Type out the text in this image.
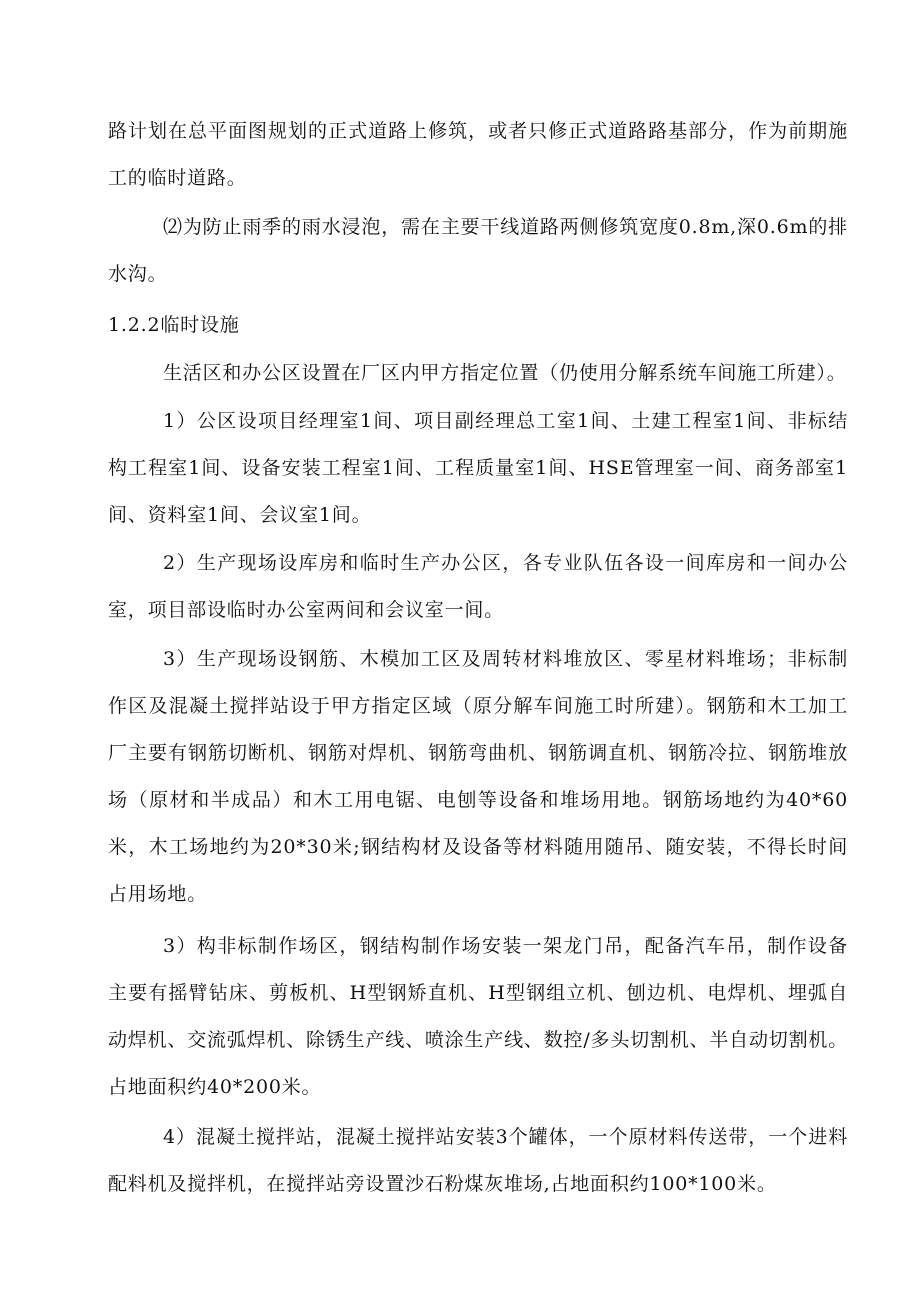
路计划在总平面图规划的正式道路上修筑，或者只修正式道路路基部分，作为前期施工的临时道路。

⑵为防止雨季的雨水浸泡，需在主要干线道路两侧修筑宽度0.8m,深0.6m的排水沟。

1.2.2临时设施

生活区和办公区设置在厂区内甲方指定位置（仍使用分解系统车间施工所建）。

1）公区设项目经理室1间、项目副经理总工室1间、土建工程室1间、非标结构工程室1间、设备安装工程室1间、工程质量室1间、HSE管理室一间、商务部室1间、资料室1间、会议室1间。

2）生产现场设库房和临时生产办公区，各专业队伍各设一间库房和一间办公室，项目部设临时办公室两间和会议室一间。

3）生产现场设钢筋、木模加工区及周转材料堆放区、零星材料堆场；非标制作区及混凝土搅拌站设于甲方指定区域（原分解车间施工时所建）。钢筋和木工加工厂主要有钢筋切断机、钢筋对焊机、钢筋弯曲机、钢筋调直机、钢筋冷拉、钢筋堆放场（原材和半成品）和木工用电锯、电刨等设备和堆场用地。钢筋场地约为40*60米，木工场地约为20*30米;钢结构材及设备等材料随用随吊、随安装，不得长时间占用场地。

3）构非标制作场区，钢结构制作场安装一架龙门吊，配备汽车吊，制作设备主要有摇臂钻床、剪板机、H型钢矫直机、H型钢组立机、刨边机、电焊机、埋弧自动焊机、交流弧焊机、除锈生产线、喷涂生产线、数控/多头切割机、半自动切割机。占地面积约40*200米。

4）混凝土搅拌站，混凝土搅拌站安装3个罐体，一个原材料传送带，一个进料配料机及搅拌机，在搅拌站旁设置沙石粉煤灰堆场,占地面积约100*100米。
